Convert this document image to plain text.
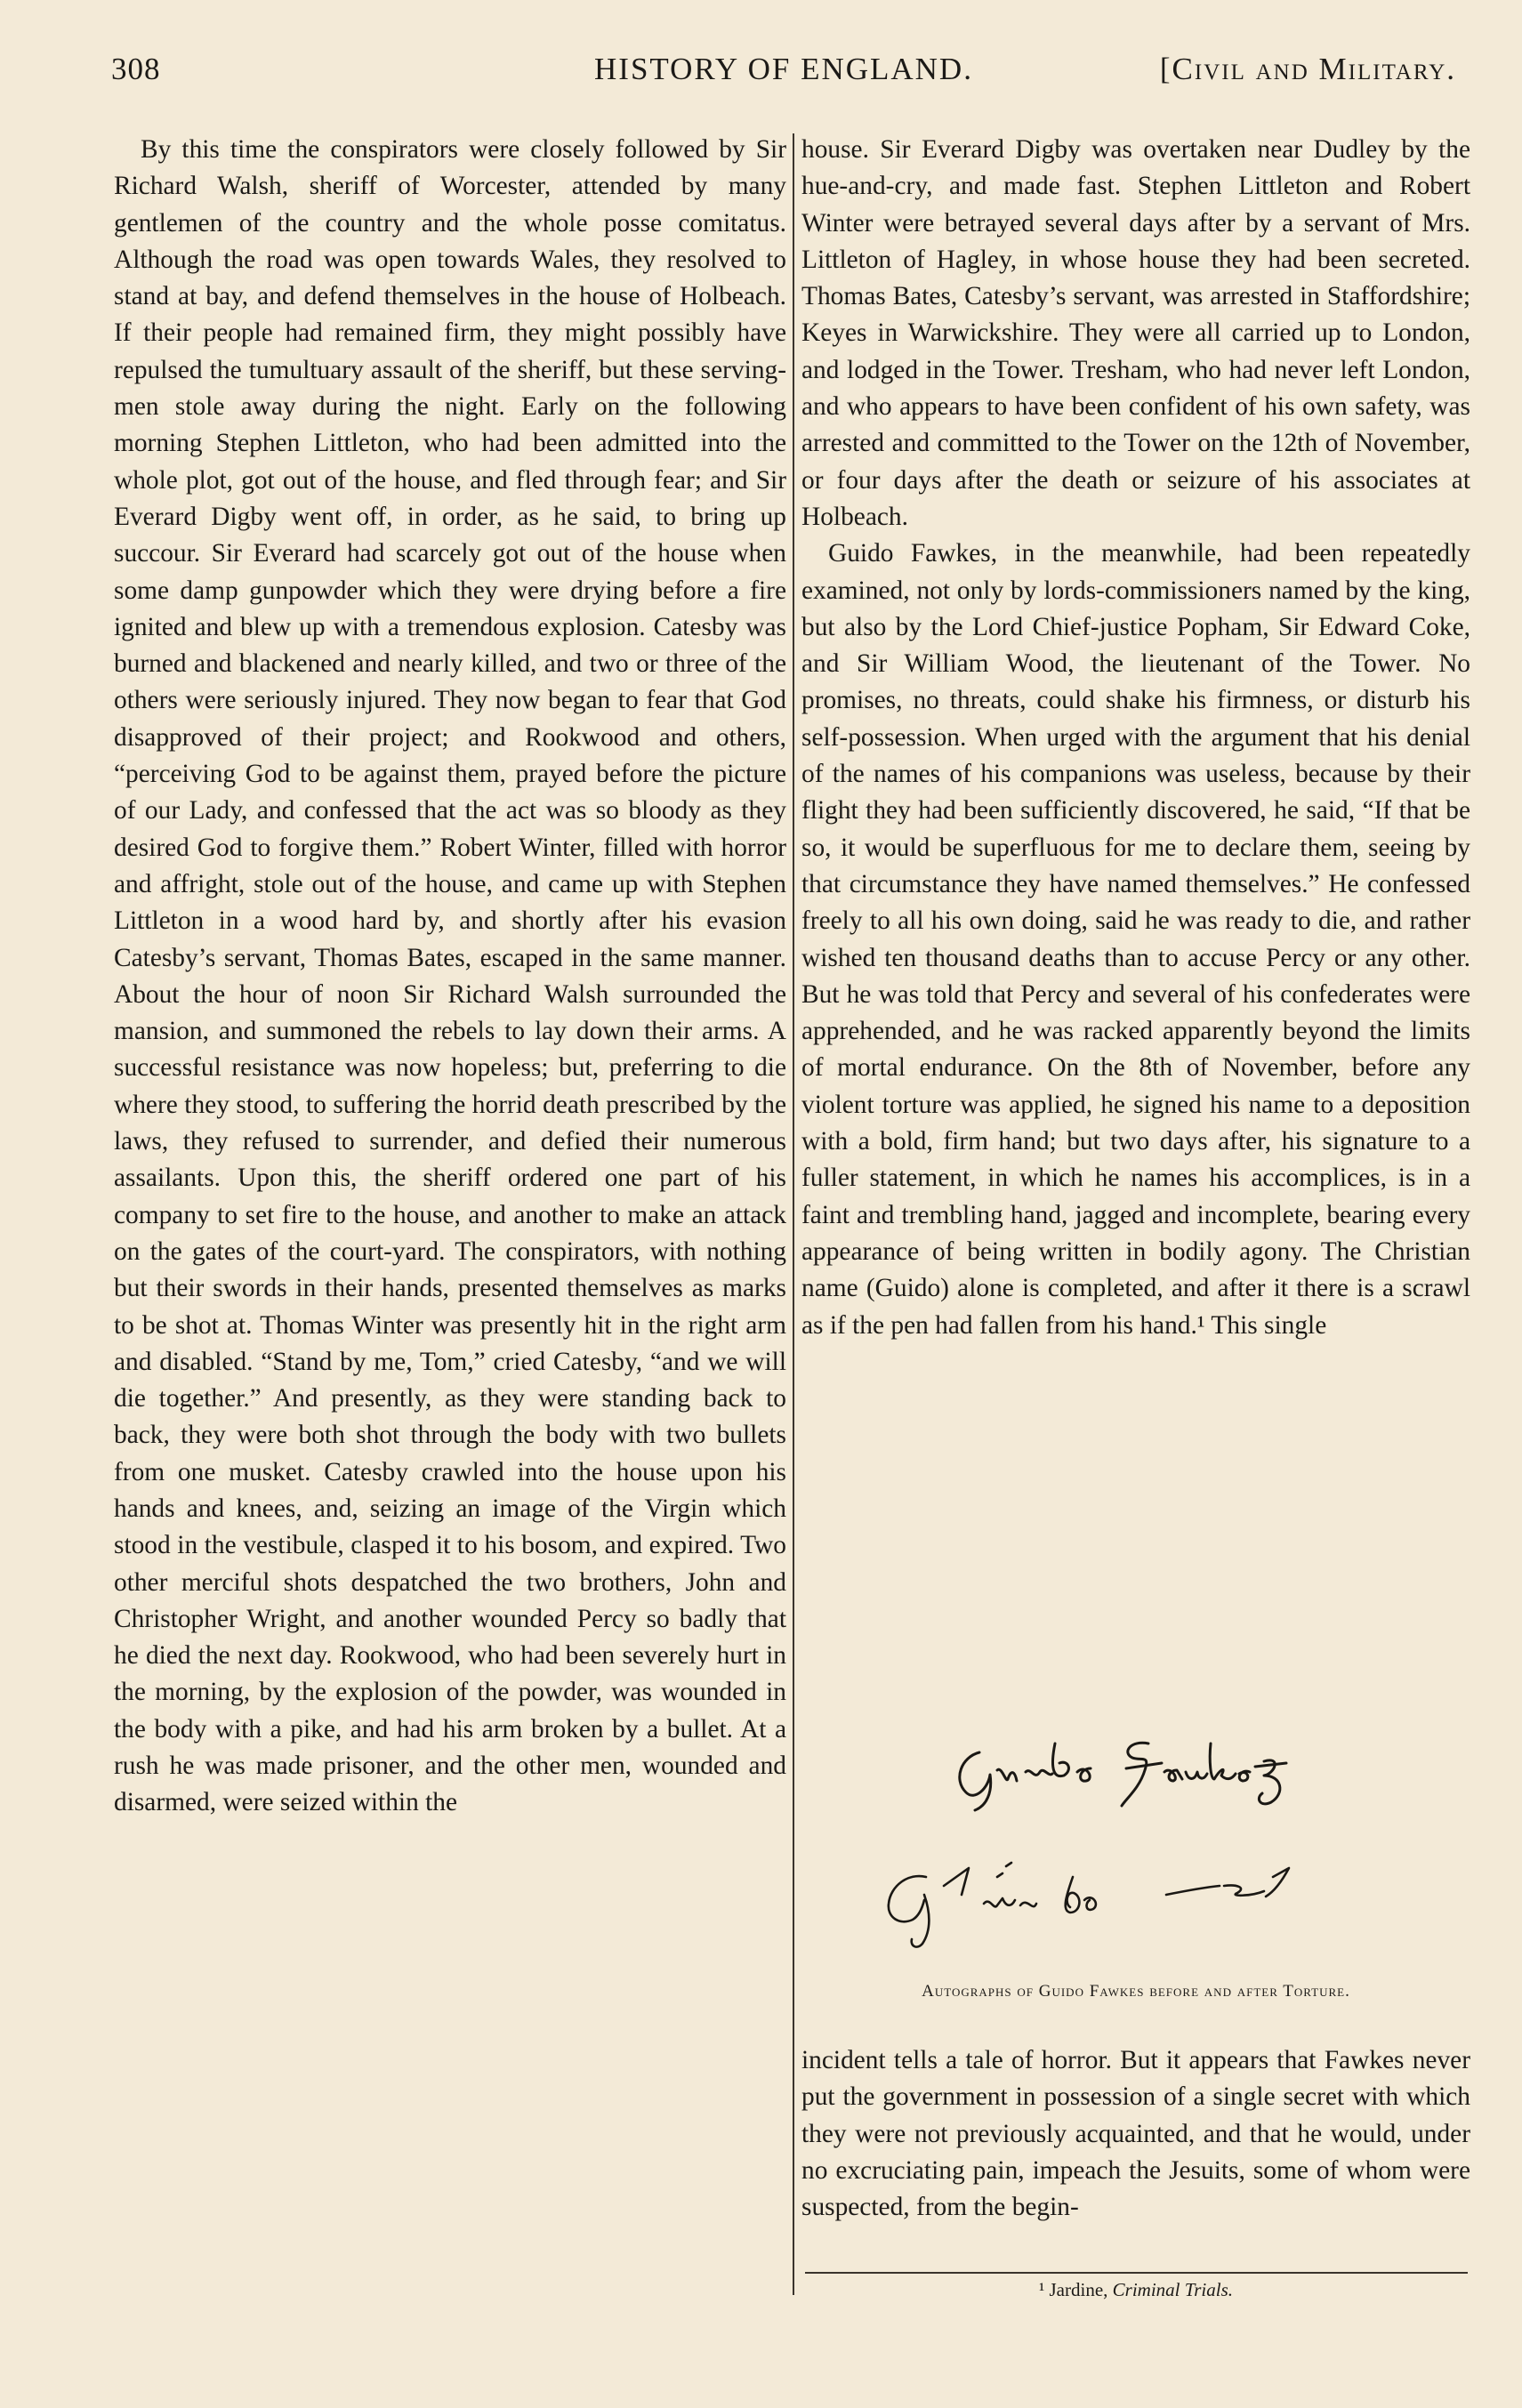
308	HISTORY OF ENGLAND.	[Civil and Military.

By this time the conspirators were closely followed by Sir Richard Walsh, sheriff of Worcester, attended by many gentlemen of the country and the whole posse comitatus. Although the road was open towards Wales, they resolved to stand at bay, and defend themselves in the house of Holbeach. If their people had remained firm, they might possibly have repulsed the tumultuary assault of the sheriff, but these serving-men stole away during the night. Early on the following morning Stephen Littleton, who had been admitted into the whole plot, got out of the house, and fled through fear; and Sir Everard Digby went off, in order, as he said, to bring up succour. Sir Everard had scarcely got out of the house when some damp gunpowder which they were drying before a fire ignited and blew up with a tremendous explosion. Catesby was burned and blackened and nearly killed, and two or three of the others were seriously injured. They now began to fear that God disapproved of their project; and Rookwood and others, “perceiving God to be against them, prayed before the picture of our Lady, and confessed that the act was so bloody as they desired God to forgive them.” Robert Winter, filled with horror and affright, stole out of the house, and came up with Stephen Littleton in a wood hard by, and shortly after his evasion Catesby’s servant, Thomas Bates, escaped in the same manner. About the hour of noon Sir Richard Walsh surrounded the mansion, and summoned the rebels to lay down their arms. A successful resistance was now hopeless; but, preferring to die where they stood, to suffering the horrid death prescribed by the laws, they refused to surrender, and defied their numerous assailants. Upon this, the sheriff ordered one part of his company to set fire to the house, and another to make an attack on the gates of the court-yard. The conspirators, with nothing but their swords in their hands, presented themselves as marks to be shot at. Thomas Winter was presently hit in the right arm and disabled. “Stand by me, Tom,” cried Catesby, “and we will die together.” And presently, as they were standing back to back, they were both shot through the body with two bullets from one musket. Catesby crawled into the house upon his hands and knees, and, seizing an image of the Virgin which stood in the vestibule, clasped it to his bosom, and expired. Two other merciful shots despatched the two brothers, John and Christopher Wright, and another wounded Percy so badly that he died the next day. Rookwood, who had been severely hurt in the morning, by the explosion of the powder, was wounded in the body with a pike, and had his arm broken by a bullet. At a rush he was made prisoner, and the other men, wounded and disarmed, were seized within the

house. Sir Everard Digby was overtaken near Dudley by the hue-and-cry, and made fast. Stephen Littleton and Robert Winter were betrayed several days after by a servant of Mrs. Littleton of Hagley, in whose house they had been secreted. Thomas Bates, Catesby’s servant, was arrested in Staffordshire; Keyes in Warwickshire. They were all carried up to London, and lodged in the Tower. Tresham, who had never left London, and who appears to have been confident of his own safety, was arrested and committed to the Tower on the 12th of November, or four days after the death or seizure of his associates at Holbeach.

Guido Fawkes, in the meanwhile, had been repeatedly examined, not only by lords-commissioners named by the king, but also by the Lord Chief-justice Popham, Sir Edward Coke, and Sir William Wood, the lieutenant of the Tower. No promises, no threats, could shake his firmness, or disturb his self-possession. When urged with the argument that his denial of the names of his companions was useless, because by their flight they had been sufficiently discovered, he said, “If that be so, it would be superfluous for me to declare them, seeing by that circumstance they have named themselves.” He confessed freely to all his own doing, said he was ready to die, and rather wished ten thousand deaths than to accuse Percy or any other. But he was told that Percy and several of his confederates were apprehended, and he was racked apparently beyond the limits of mortal endurance. On the 8th of November, before any violent torture was applied, he signed his name to a deposition with a bold, firm hand; but two days after, his signature to a fuller statement, in which he names his accomplices, is in a faint and trembling hand, jagged and incomplete, bearing every appearance of being written in bodily agony. The Christian name (Guido) alone is completed, and after it there is a scrawl as if the pen had fallen from his hand.¹ This single

Autographs of Guido Fawkes before and after Torture.

incident tells a tale of horror. But it appears that Fawkes never put the government in possession of a single secret with which they were not previously acquainted, and that he would, under no excruciating pain, impeach the Jesuits, some of whom were suspected, from the begin-

¹ Jardine, Criminal Trials.
